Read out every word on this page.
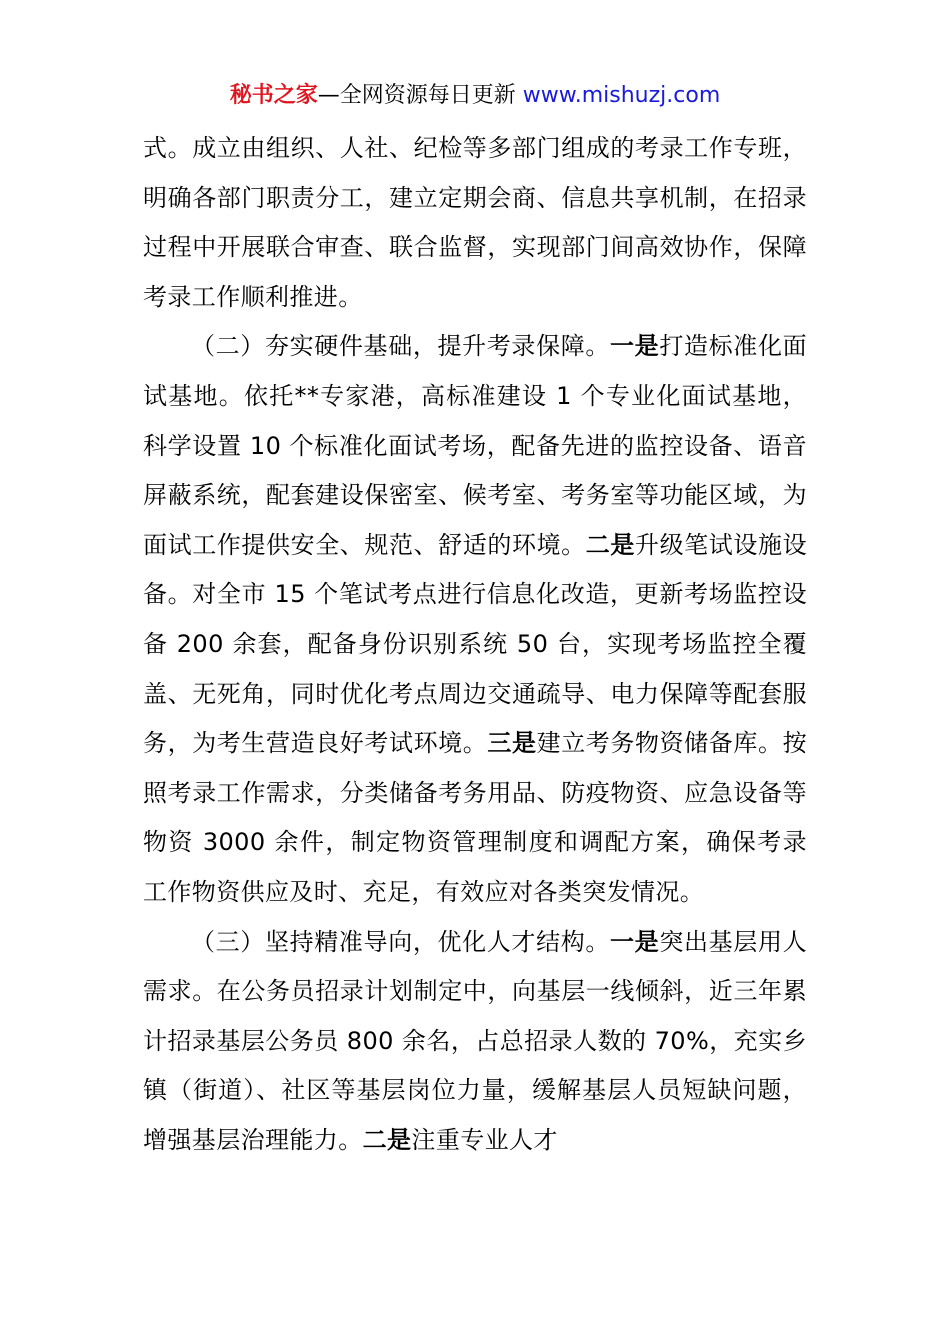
秘书之家—全网资源每日更新 www.mishuzj.com

式。成立由组织、人社、纪检等多部门组成的考录工作专班，明确各部门职责分工，建立定期会商、信息共享机制，在招录过程中开展联合审查、联合监督，实现部门间高效协作，保障考录工作顺利推进。

（二）夯实硬件基础，提升考录保障。一是打造标准化面试基地。依托**专家港，高标准建设 1 个专业化面试基地，科学设置 10 个标准化面试考场，配备先进的监控设备、语音屏蔽系统，配套建设保密室、候考室、考务室等功能区域，为面试工作提供安全、规范、舒适的环境。二是升级笔试设施设备。对全市 15 个笔试考点进行信息化改造，更新考场监控设备 200 余套，配备身份识别系统 50 台，实现考场监控全覆盖、无死角，同时优化考点周边交通疏导、电力保障等配套服务，为考生营造良好考试环境。三是建立考务物资储备库。按照考录工作需求，分类储备考务用品、防疫物资、应急设备等物资 3000 余件，制定物资管理制度和调配方案，确保考录工作物资供应及时、充足，有效应对各类突发情况。

（三）坚持精准导向，优化人才结构。一是突出基层用人需求。在公务员招录计划制定中，向基层一线倾斜，近三年累计招录基层公务员 800 余名，占总招录人数的 70%，充实乡镇（街道）、社区等基层岗位力量，缓解基层人员短缺问题，增强基层治理能力。二是注重专业人才
